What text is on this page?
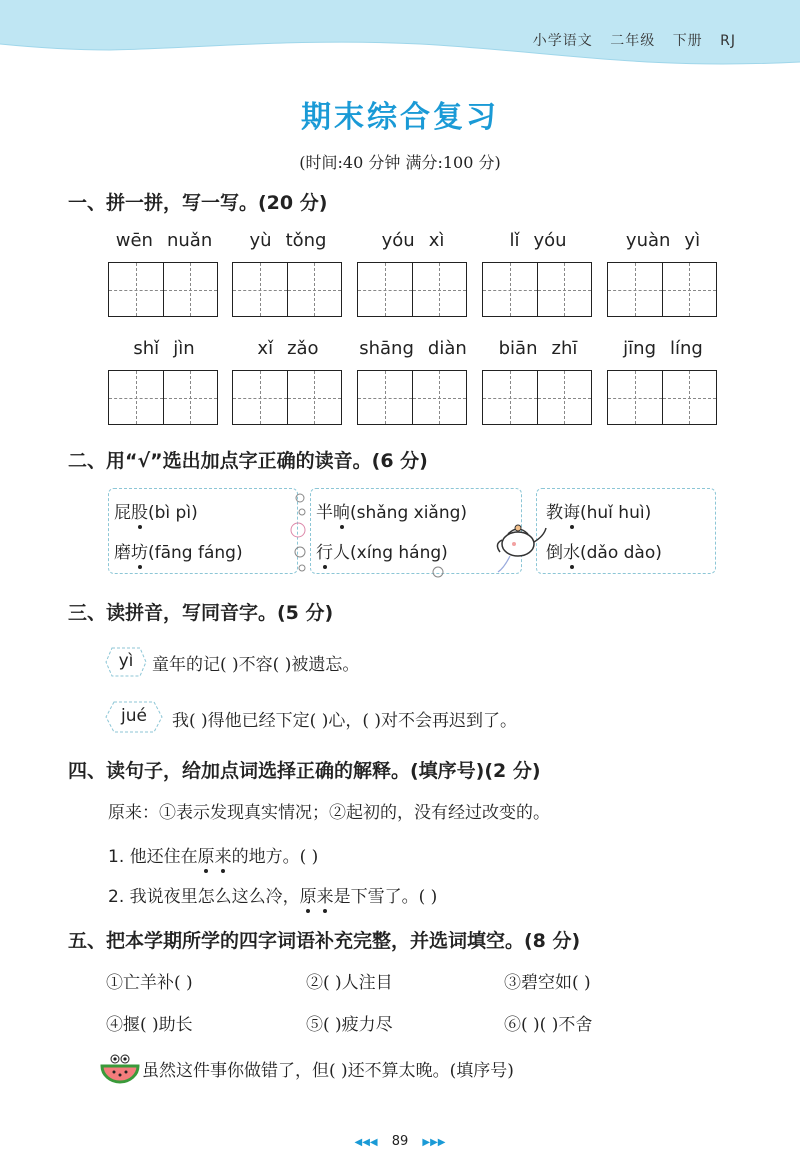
小学语文 二年级 下册 RJ
期末综合复习
(时间:40 分钟 满分:100 分)
一、拼一拼，写一写。(20 分)
wēn nuǎn	yù tǒng	yóu xì	lǐ yóu	yuàn yì
shǐ jìn	xǐ zǎo	shāng diàn	biān zhī	jīng líng
二、用“√”选出加点字正确的读音。(6 分)
屁股(bì pì)
磨坊(fāng fáng)
半晌(shǎng xiǎng)
行人(xíng háng)
教诲(huǐ huì)
倒水(dǎo dào)
三、读拼音，写同音字。(5 分)
yì	童年的记( )不容( )被遗忘。
jué	我( )得他已经下定( )心，( )对不会再迟到了。
四、读句子，给加点词选择正确的解释。(填序号)(2 分)
原来：①表示发现真实情况；②起初的，没有经过改变的。
1. 他还住在原来的地方。( )
2. 我说夜里怎么这么冷，原来是下雪了。( )
五、把本学期所学的四字词语补充完整，并选词填空。(8 分)
①亡羊补( )	②( )人注目	③碧空如( )
④揠( )助长	⑤( )疲力尽	⑥( )( )不舍
虽然这件事你做错了，但( )还不算太晚。(填序号)
◀◀◀ 89 ▶▶▶
